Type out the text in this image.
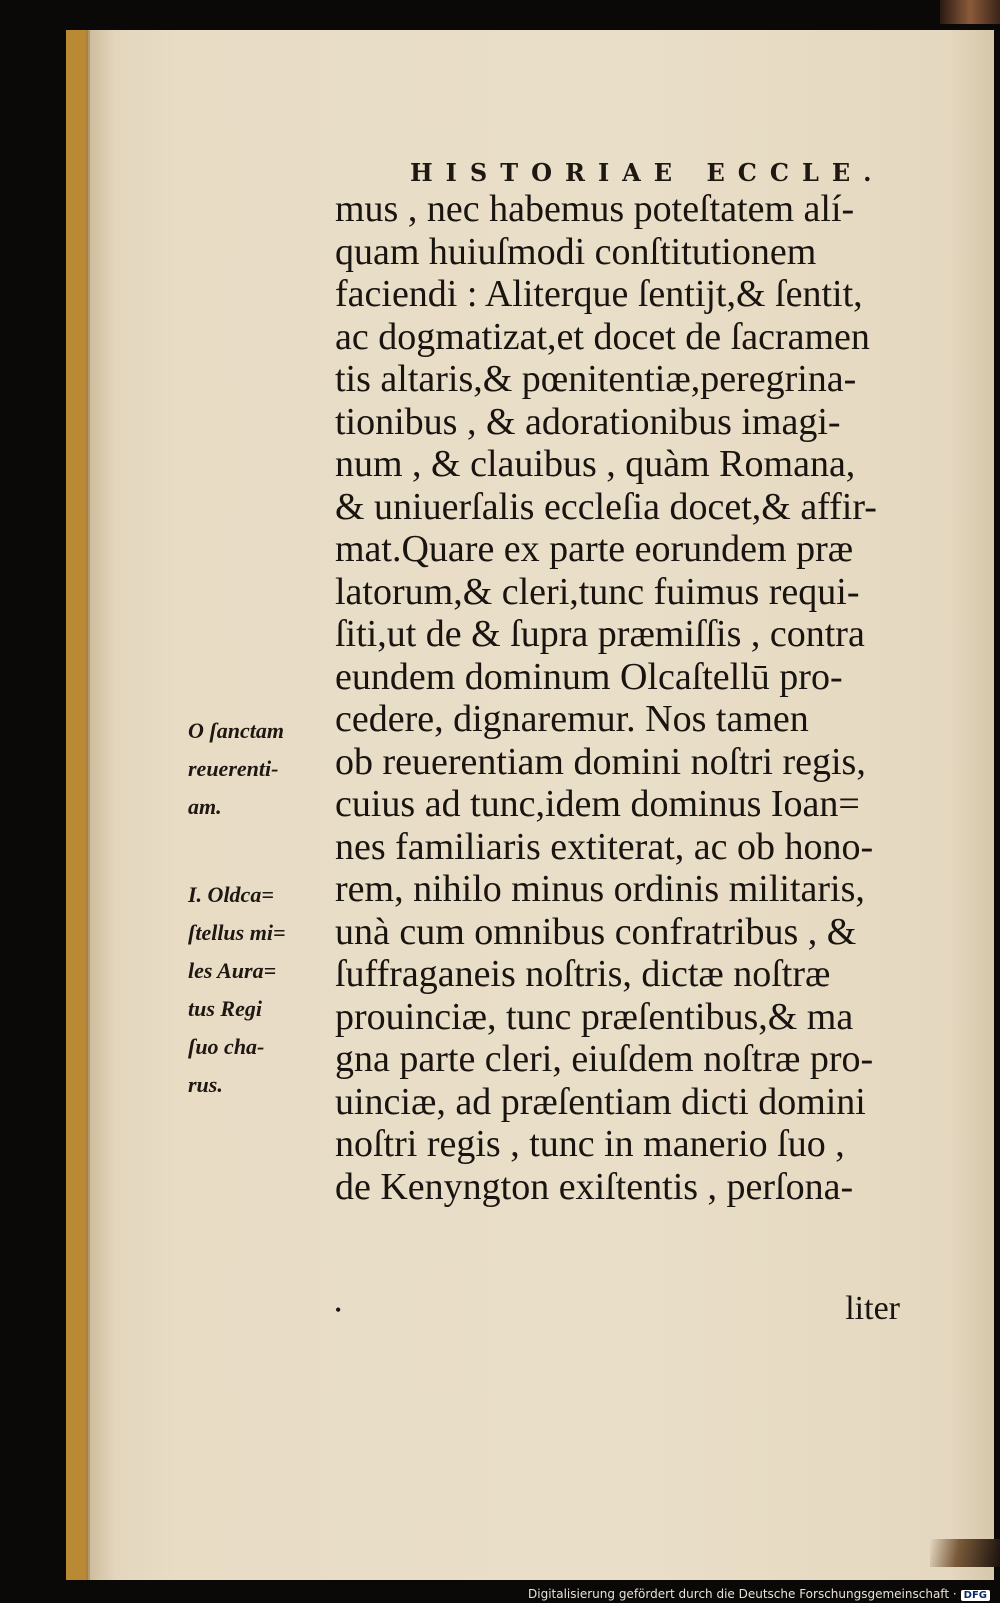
HISTORIAE ECCLE.
mus , nec habemus poteſtatem alí-
quam huiuſmodi conſtitutionem
faciendi : Aliterque ſentijt,& ſentit,
ac dogmatizat,et docet de ſacramen
tis altaris,& pœnitentiæ,peregrina-
tionibus , & adorationibus imagi-
num , & clauibus , quàm Romana,
& uniuerſalis eccleſia docet,& affir-
mat.Quare ex parte eorundem præ
latorum,& cleri,tunc fuimus requi-
ſiti,ut de & ſupra præmiſſis , contra
eundem dominum Olcaſtellū pro-
cedere, dignaremur. Nos tamen
ob reuerentiam domini noſtri regis,
cuius ad tunc,idem dominus Ioan=
nes familiaris extiterat, ac ob hono-
rem, nihilo minus ordinis militaris,
unà cum omnibus confratribus , &
ſuffraganeis noſtris, dictæ noſtræ
prouinciæ, tunc præſentibus,& ma
gna parte cleri, eiuſdem noſtræ pro-
uinciæ, ad præſentiam dicti domini
noſtri regis , tunc in manerio ſuo ,
de Kenyngton exiſtentis , perſona-
•	liter
O ſanctam
reuerenti-
am.
I. Oldca=
ſtellus mi=
les Aura=
tus Regi
ſuo cha-
rus.
Digitalisierung gefördert durch die Deutsche Forschungsgemeinschaft · DFG
